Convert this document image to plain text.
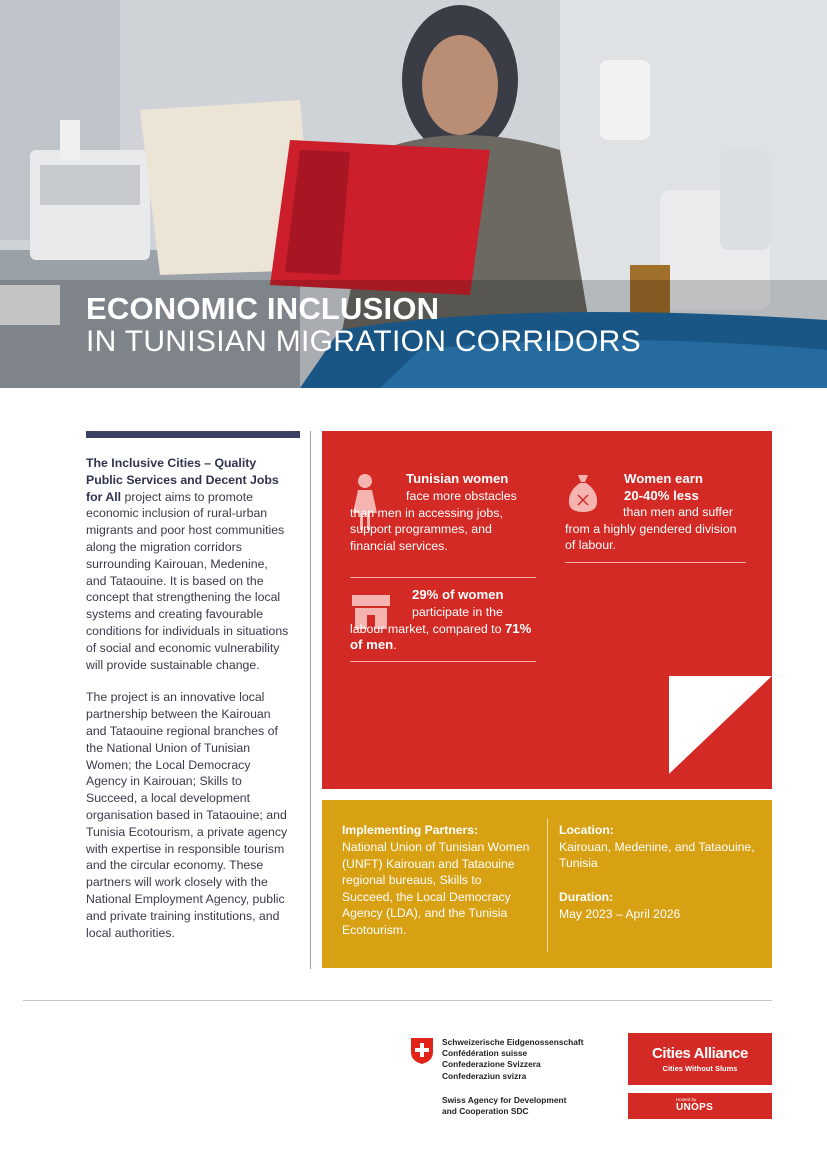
ECONOMIC INCLUSION
IN TUNISIAN MIGRATION CORRIDORS

The Inclusive Cities – Quality Public Services and Decent Jobs for All project aims to promote economic inclusion of rural-urban migrants and poor host communities along the migration corridors surrounding Kairouan, Medenine, and Tataouine. It is based on the concept that strengthening the local systems and creating favourable conditions for individuals in situations of social and economic vulnerability will provide sustainable change.

The project is an innovative local partnership between the Kairouan and Tataouine regional branches of the National Union of Tunisian Women; the Local Democracy Agency in Kairouan; Skills to Succeed, a local development organisation based in Tataouine; and Tunisia Ecotourism, a private agency with expertise in responsible tourism and the circular economy. These partners will work closely with the National Employment Agency, public and private training institutions, and local authorities.

Tunisian women
face more obstacles than men in accessing jobs, support programmes, and financial services.
Women earn
20-40% less
than men and suffer from a highly gendered division of labour.
29% of women
participate in the labour market, compared to 71% of men.
Implementing Partners:
National Union of Tunisian Women (UNFT) Kairouan and Tataouine regional bureaus, Skills to Succeed, the Local Democracy Agency (LDA), and the Tunisia Ecotourism.
Location:
Kairouan, Medenine, and Tataouine, Tunisia
Duration:
May 2023 – April 2026
Schweizerische Eidgenossenschaft
Confédération suisse
Confederazione Svizzera
Confederaziun svizra
Swiss Agency for Development
and Cooperation SDC
Cities Alliance
Cities Without Slums
Hosted by
UNOPS
